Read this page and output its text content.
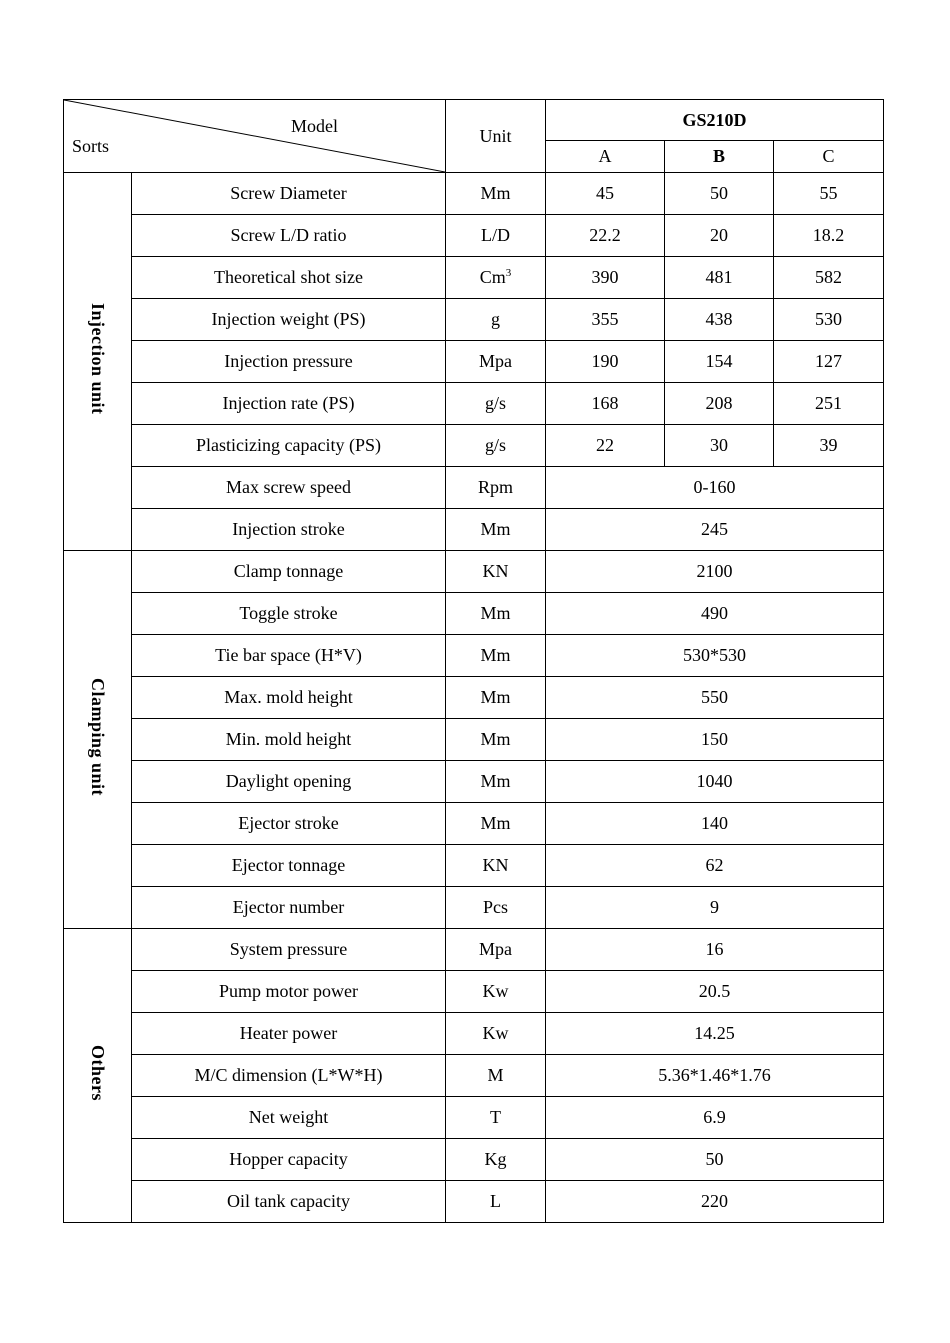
Model
Sorts		Unit	GS210D		
			A	B	C
Injection unit	Screw Diameter	Mm	45	50	55
	Screw L/D ratio	L/D	22.2	20	18.2
	Theoretical shot size	Cm$^3$	390	481	582
	Injection weight (PS)	g	355	438	530
	Injection pressure	Mpa	190	154	127
	Injection rate (PS)	g/s	168	208	251
	Plasticizing capacity (PS)	g/s	22	30	39
	Max screw speed	Rpm	0-160		
	Injection stroke	Mm	245		
Clamping unit	Clamp tonnage	KN	2100		
	Toggle stroke	Mm	490		
	Tie bar space (H*V)	Mm	530*530		
	Max. mold height	Mm	550		
	Min. mold height	Mm	150		
	Daylight opening	Mm	1040		
	Ejector stroke	Mm	140		
	Ejector tonnage	KN	62		
	Ejector number	Pcs	9		
Others	System pressure	Mpa	16		
	Pump motor power	Kw	20.5		
	Heater power	Kw	14.25		
	M/C dimension (L*W*H)	M	5.36*1.46*1.76		
	Net weight	T	6.9		
	Hopper capacity	Kg	50		
	Oil tank capacity	L	220		
